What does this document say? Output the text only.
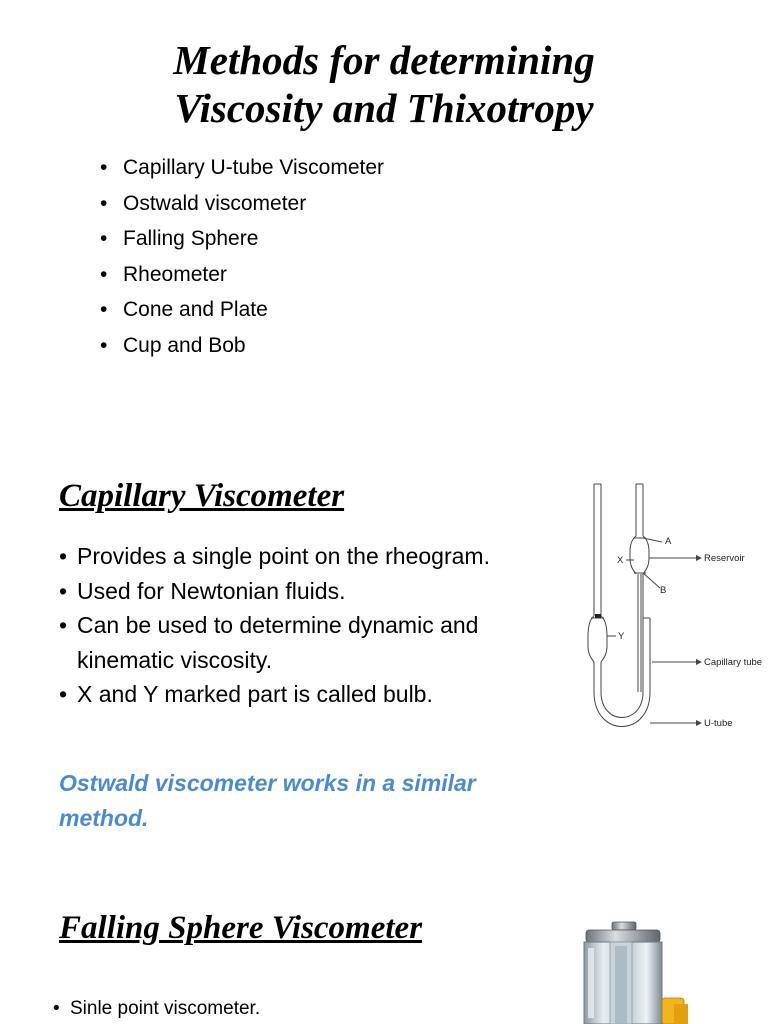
Methods for determining
Viscosity and Thixotropy
• Capillary U-tube Viscometer
• Ostwald viscometer
• Falling Sphere
• Rheometer
• Cone and Plate
• Cup and Bob
Capillary Viscometer
• Provides a single point on the rheogram.
• Used for Newtonian fluids.
• Can be used to determine dynamic and kinematic viscosity.
• X and Y marked part is called bulb.

Ostwald viscometer works in a similar method.

A
B
X
Y
Reservoir
Capillary tube
U-tube
Falling Sphere Viscometer
• Sinle point viscometer.
